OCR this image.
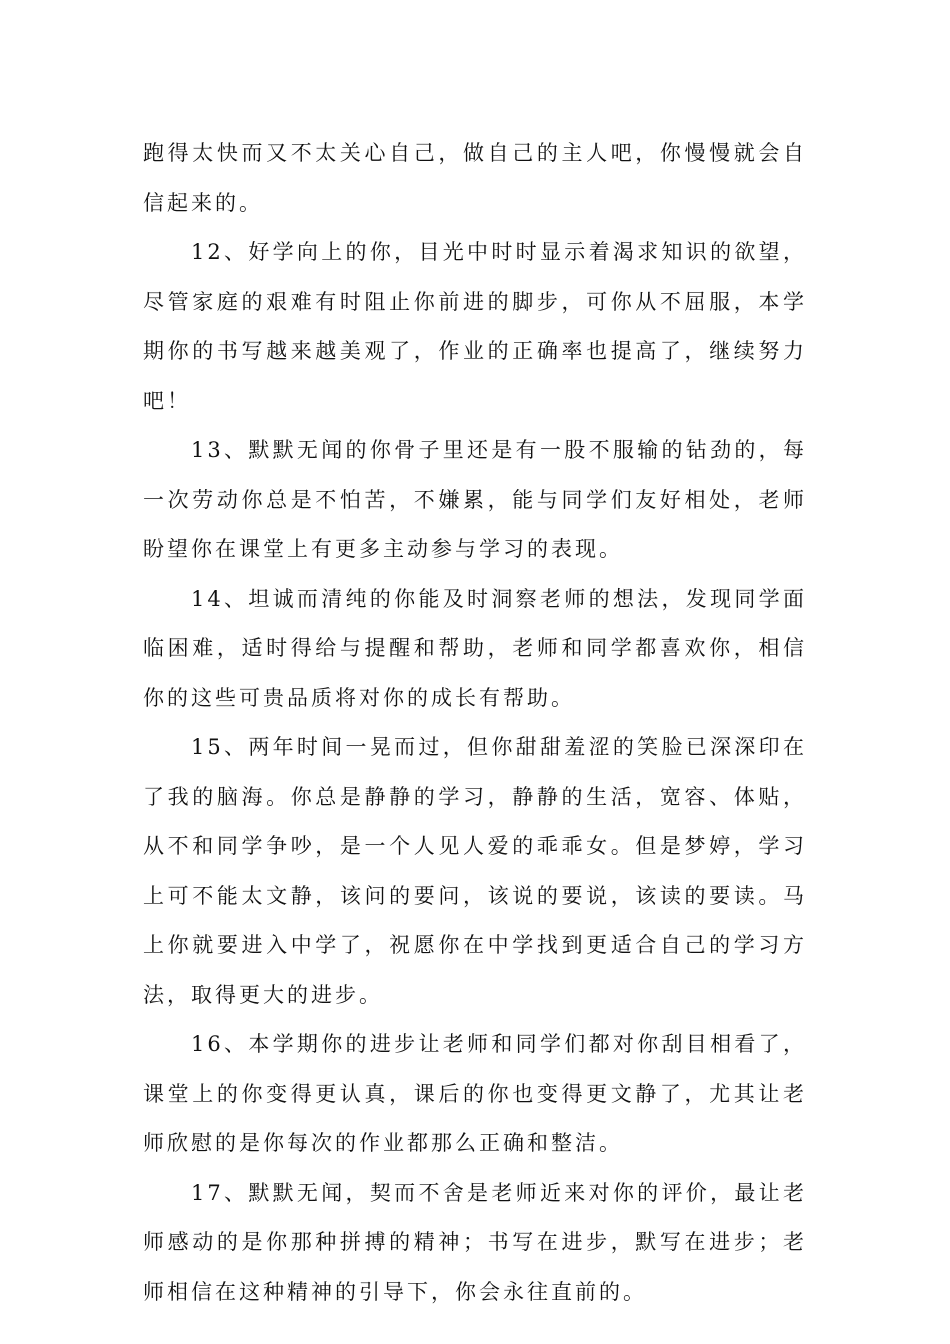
跑得太快而又不太关心自己，做自己的主人吧，你慢慢就会自信起来的。

12、好学向上的你，目光中时时显示着渴求知识的欲望，尽管家庭的艰难有时阻止你前进的脚步，可你从不屈服，本学期你的书写越来越美观了，作业的正确率也提高了，继续努力吧！

13、默默无闻的你骨子里还是有一股不服输的钻劲的，每一次劳动你总是不怕苦，不嫌累，能与同学们友好相处，老师盼望你在课堂上有更多主动参与学习的表现。

14、坦诚而清纯的你能及时洞察老师的想法，发现同学面临困难，适时得给与提醒和帮助，老师和同学都喜欢你，相信你的这些可贵品质将对你的成长有帮助。

15、两年时间一晃而过，但你甜甜羞涩的笑脸已深深印在了我的脑海。你总是静静的学习，静静的生活，宽容、体贴，从不和同学争吵，是一个人见人爱的乖乖女。但是梦婷，学习上可不能太文静，该问的要问，该说的要说，该读的要读。马上你就要进入中学了，祝愿你在中学找到更适合自己的学习方法，取得更大的进步。

16、本学期你的进步让老师和同学们都对你刮目相看了，课堂上的你变得更认真，课后的你也变得更文静了，尤其让老师欣慰的是你每次的作业都那么正确和整洁。

17、默默无闻，契而不舍是老师近来对你的评价，最让老师感动的是你那种拼搏的精神；书写在进步，默写在进步；老师相信在这种精神的引导下，你会永往直前的。
